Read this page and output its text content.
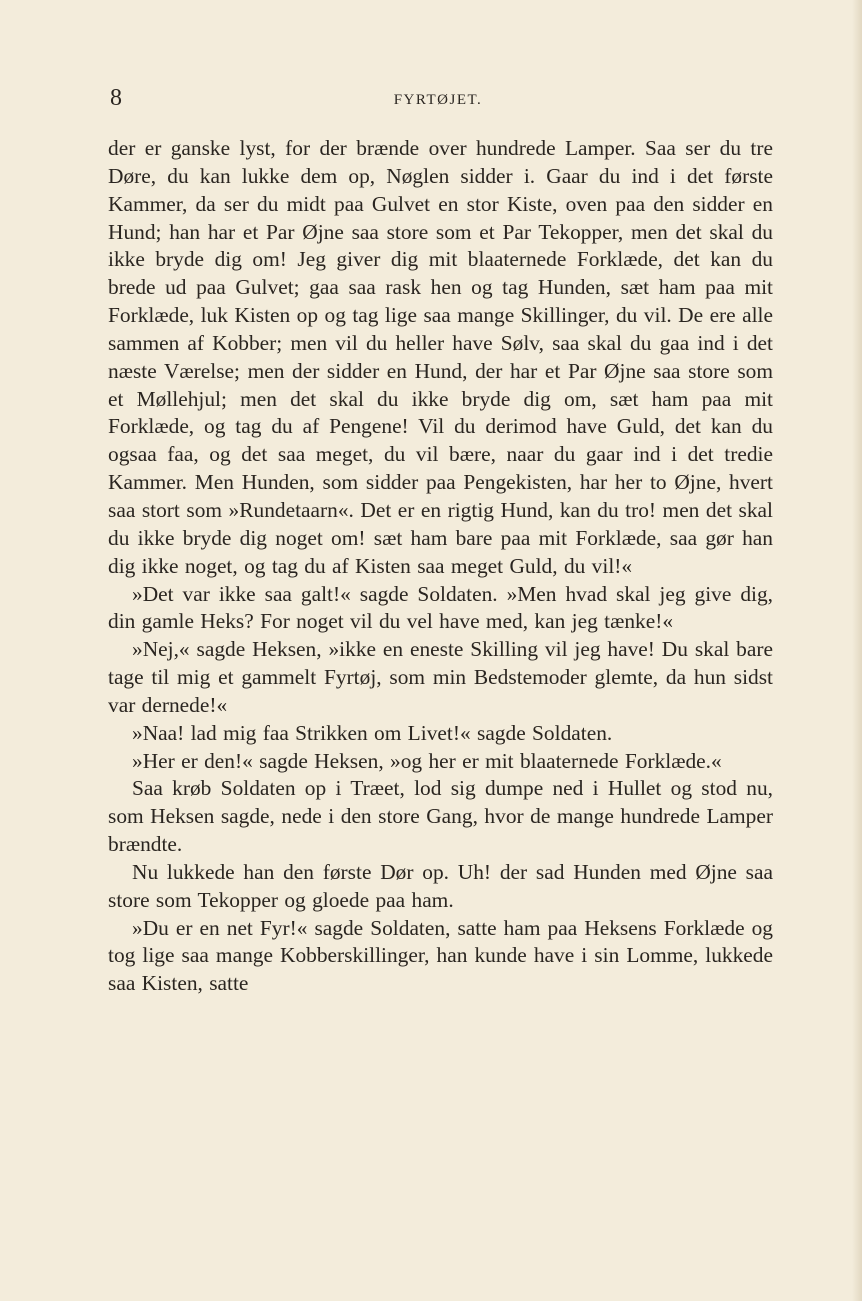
8	FYRTØJET.

der er ganske lyst, for der brænde over hundrede Lamper. Saa ser du tre Døre, du kan lukke dem op, Nøglen sidder i. Gaar du ind i det første Kammer, da ser du midt paa Gulvet en stor Kiste, oven paa den sidder en Hund; han har et Par Øjne saa store som et Par Tekopper, men det skal du ikke bryde dig om! Jeg giver dig mit blaaternede Forklæde, det kan du brede ud paa Gulvet; gaa saa rask hen og tag Hunden, sæt ham paa mit Forklæde, luk Kisten op og tag lige saa mange Skillinger, du vil. De ere alle sammen af Kobber; men vil du heller have Sølv, saa skal du gaa ind i det næste Værelse; men der sidder en Hund, der har et Par Øjne saa store som et Møllehjul; men det skal du ikke bryde dig om, sæt ham paa mit Forklæde, og tag du af Pengene! Vil du derimod have Guld, det kan du ogsaa faa, og det saa meget, du vil bære, naar du gaar ind i det tredie Kammer. Men Hunden, som sidder paa Pengekisten, har her to Øjne, hvert saa stort som »Rundetaarn«. Det er en rigtig Hund, kan du tro! men det skal du ikke bryde dig noget om! sæt ham bare paa mit Forklæde, saa gør han dig ikke noget, og tag du af Kisten saa meget Guld, du vil!«

»Det var ikke saa galt!« sagde Soldaten. »Men hvad skal jeg give dig, din gamle Heks? For noget vil du vel have med, kan jeg tænke!«

»Nej,« sagde Heksen, »ikke en eneste Skilling vil jeg have! Du skal bare tage til mig et gammelt Fyrtøj, som min Bedstemoder glemte, da hun sidst var dernede!«

»Naa! lad mig faa Strikken om Livet!« sagde Soldaten.

»Her er den!« sagde Heksen, »og her er mit blaaternede Forklæde.«

Saa krøb Soldaten op i Træet, lod sig dumpe ned i Hullet og stod nu, som Heksen sagde, nede i den store Gang, hvor de mange hundrede Lamper brændte.

Nu lukkede han den første Dør op. Uh! der sad Hunden med Øjne saa store som Tekopper og gloede paa ham.

»Du er en net Fyr!« sagde Soldaten, satte ham paa Heksens Forklæde og tog lige saa mange Kobberskillinger, han kunde have i sin Lomme, lukkede saa Kisten, satte
